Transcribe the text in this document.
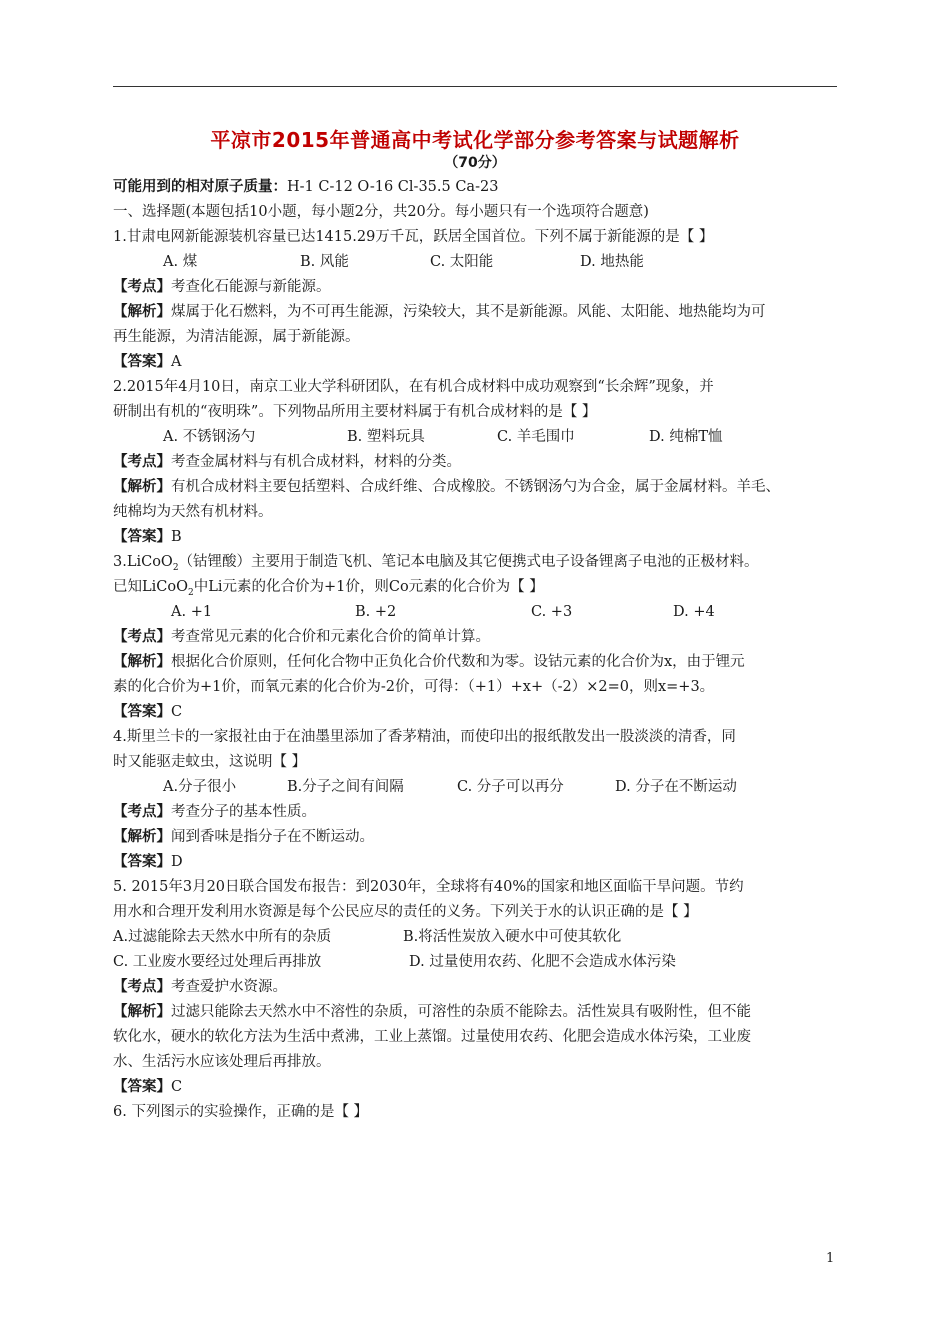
平凉市2015年普通高中考试化学部分参考答案与试题解析
（70分）
可能用到的相对原子质量：H-1 C-12 O-16 Cl-35.5 Ca-23
一、选择题(本题包括10小题，每小题2分，共20分。每小题只有一个选项符合题意)
1.甘肃电网新能源装机容量已达1415.29万千瓦，跃居全国首位。下列不属于新能源的是【 】
A. 煤	B. 风能	C. 太阳能	D. 地热能
【考点】考查化石能源与新能源。
【解析】煤属于化石燃料，为不可再生能源，污染较大，其不是新能源。风能、太阳能、地热能均为可
再生能源，为清洁能源，属于新能源。
【答案】A
2.2015年4月10日，南京工业大学科研团队，在有机合成材料中成功观察到“长余辉”现象，并
研制出有机的“夜明珠”。下列物品所用主要材料属于有机合成材料的是【 】
A. 不锈钢汤勺	B. 塑料玩具	C. 羊毛围巾	D. 纯棉T恤
【考点】考查金属材料与有机合成材料，材料的分类。
【解析】有机合成材料主要包括塑料、合成纤维、合成橡胶。不锈钢汤勺为合金，属于金属材料。羊毛、
纯棉均为天然有机材料。
【答案】B
3.LiCoO$_2$（钴锂酸）主要用于制造飞机、笔记本电脑及其它便携式电子设备锂离子电池的正极材料。
已知LiCoO$_2$中Li元素的化合价为+1价，则Co元素的化合价为【 】
A. +1	B. +2	C. +3	D. +4
【考点】考查常见元素的化合价和元素化合价的简单计算。
【解析】根据化合价原则，任何化合物中正负化合价代数和为零。设钴元素的化合价为x，由于锂元
素的化合价为+1价，而氧元素的化合价为-2价，可得：（+1）+x+（-2）×2=0，则x=+3。
【答案】C
4.斯里兰卡的一家报社由于在油墨里添加了香茅精油，而使印出的报纸散发出一股淡淡的清香，同
时又能驱走蚊虫，这说明【 】
A.分子很小	B.分子之间有间隔	C. 分子可以再分	D. 分子在不断运动
【考点】考查分子的基本性质。
【解析】闻到香味是指分子在不断运动。
【答案】D
5. 2015年3月20日联合国发布报告：到2030年，全球将有40%的国家和地区面临干旱问题。节约
用水和合理开发利用水资源是每个公民应尽的责任的义务。下列关于水的认识正确的是【 】
A.过滤能除去天然水中所有的杂质	B.将活性炭放入硬水中可使其软化
C. 工业废水要经过处理后再排放	D. 过量使用农药、化肥不会造成水体污染
【考点】考查爱护水资源。
【解析】过滤只能除去天然水中不溶性的杂质，可溶性的杂质不能除去。活性炭具有吸附性，但不能
软化水，硬水的软化方法为生活中煮沸，工业上蒸馏。过量使用农药、化肥会造成水体污染，工业废
水、生活污水应该处理后再排放。
【答案】C
6. 下列图示的实验操作，正确的是【 】
1
